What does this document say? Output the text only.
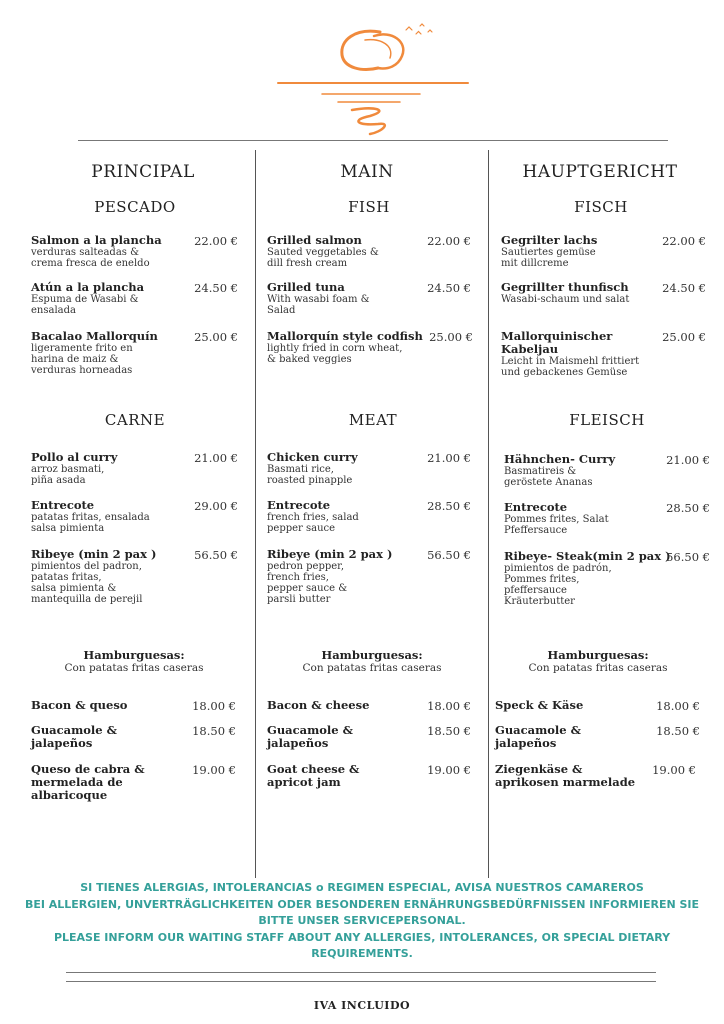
PRINCIPAL
PESCADO
Salmon a la plancha
verduras salteadas &
crema fresca de eneldo
22.00 €
Atún a la plancha
Espuma de Wasabi &
ensalada
24.50 €
Bacalao Mallorquín
ligeramente frito en
harina de maiz &
verduras horneadas
25.00 €
CARNE
Pollo al curry
arroz basmati,
piña asada
21.00 €
Entrecote
patatas fritas, ensalada
salsa pimienta
29.00 €
Ribeye (min 2 pax )
pimientos del padron,
patatas fritas,
salsa pimienta &
mantequilla de perejil
56.50 €
Hamburguesas:
Con patatas fritas caseras
Bacon & queso	18.00 €
Guacamole &
jalapeños
18.50 €
Queso de cabra &
mermelada de
albaricoque
19.00 €
MAIN
FISH
Grilled salmon
Sauted veggetables &
dill fresh cream
22.00 €
Grilled tuna
With wasabi foam &
Salad
24.50 €
Mallorquín style codfish
lightly fried in corn wheat,
& baked veggies
25.00 €
MEAT
Chicken curry
Basmati rice,
roasted pinapple
21.00 €
Entrecote
french fries, salad
pepper sauce
28.50 €
Ribeye (min 2 pax )
pedron pepper,
french fries,
pepper sauce &
parsli butter
56.50 €
Hamburguesas:
Con patatas fritas caseras
Bacon & cheese	18.00 €
Guacamole &
jalapeños
18.50 €
Goat cheese &
apricot jam
19.00 €
HAUPTGERICHT
FISCH
Gegrilter lachs
Sautiertes gemüse
mit dillcreme
22.00 €
Gegrillter thunfisch
Wasabi-schaum und salat
24.50 €
Mallorquinischer Kabeljau
Leicht in Maismehl frittiert
und gebackenes Gemüse
25.00 €
FLEISCH
Hähnchen- Curry
Basmatireis &
geröstete Ananas
21.00 €
Entrecote
Pommes frites, Salat
Pfeffersauce
28.50 €
Ribeye- Steak(min 2 pax )
pimientos de padrón,
Pommes frites,
pfeffersauce
Kräuterbutter
56.50 €
Hamburguesas:
Con patatas fritas caseras
Speck & Käse	18.00 €
Guacamole &
jalapeños
18.50 €
Ziegenkäse &
aprikosen marmelade
19.00 €
SI TIENES ALERGIAS, INTOLERANCIAS o REGIMEN ESPECIAL, AVISA NUESTROS CAMAREROS
BEI ALLERGIEN, UNVERTRÄGLICHKEITEN ODER BESONDEREN ERNÄHRUNGSBEDÜRFNISSEN INFORMIEREN SIE
BITTE UNSER SERVICEPERSONAL.
PLEASE INFORM OUR WAITING STAFF ABOUT ANY ALLERGIES, INTOLERANCES, OR SPECIAL DIETARY
REQUIREMENTS.
IVA INCLUIDO
